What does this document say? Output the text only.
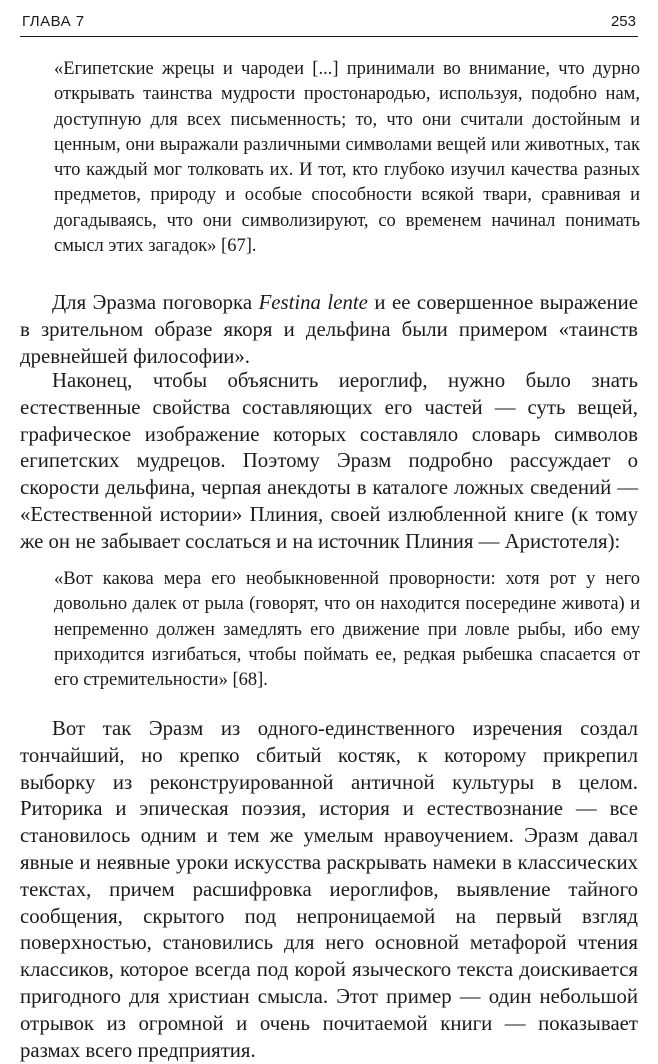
ГЛАВА 7	253

«Египетские жрецы и чародеи [...] принимали во внимание, что дурно открывать таинства мудрости простонародью, используя, подобно нам, доступную для всех письменность; то, что они считали достойным и ценным, они выражали различными символами вещей или животных, так что каждый мог толковать их. И тот, кто глубоко изучил качества разных предметов, природу и особые способности всякой твари, сравнивая и догадываясь, что они символизируют, со временем начинал понимать смысл этих загадок» [67].

Для Эразма поговорка Festina lente и ее совершенное выражение в зрительном образе якоря и дельфина были примером «таинств древнейшей философии».

Наконец, чтобы объяснить иероглиф, нужно было знать естественные свойства составляющих его частей — суть вещей, графическое изображение которых составляло словарь символов египетских мудрецов. Поэтому Эразм подробно рассуждает о скорости дельфина, черпая анекдоты в каталоге ложных сведений — «Естественной истории» Плиния, своей излюбленной книге (к тому же он не забывает сослаться и на источник Плиния — Аристотеля):

«Вот какова мера его необыкновенной проворности: хотя рот у него довольно далек от рыла (говорят, что он находится посередине живота) и непременно должен замедлять его движение при ловле рыбы, ибо ему приходится изгибаться, чтобы поймать ее, редкая рыбешка спасается от его стремительности» [68].

Вот так Эразм из одного-единственного изречения создал тончайший, но крепко сбитый костяк, к которому прикрепил выборку из реконструированной античной культуры в целом. Риторика и эпическая поэзия, история и естествознание — все становилось одним и тем же умелым нравоучением. Эразм давал явные и неявные уроки искусства раскрывать намеки в классических текстах, причем расшифровка иероглифов, выявление тайного сообщения, скрытого под непроницаемой на первый взгляд поверхностью, становились для него основной метафорой чтения классиков, которое всегда под корой языческого текста доискивается пригодного для христиан смысла. Этот пример — один небольшой отрывок из огромной и очень почитаемой книги — показывает размах всего предприятия.
